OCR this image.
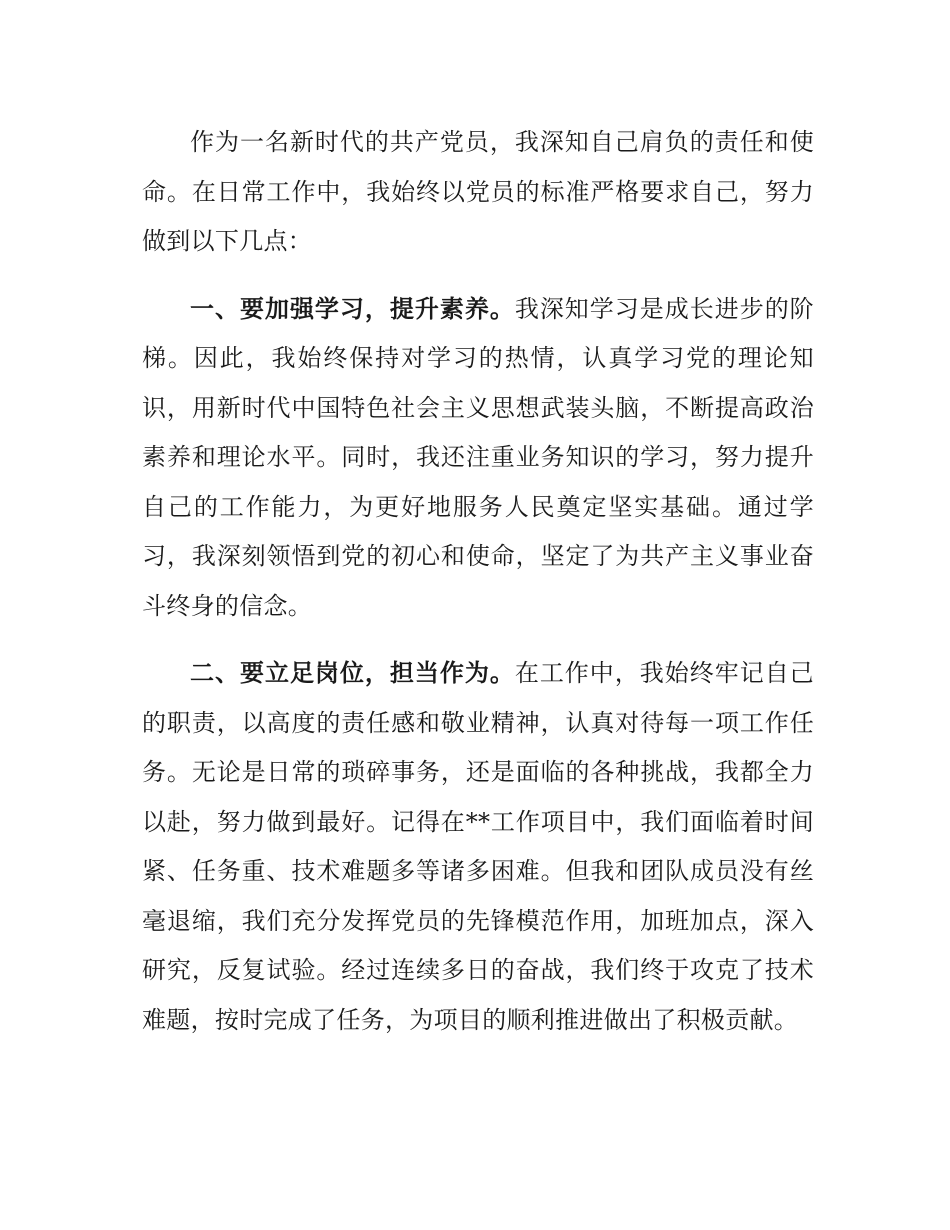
作为一名新时代的共产党员，我深知自己肩负的责任和使命。在日常工作中，我始终以党员的标准严格要求自己，努力做到以下几点：

一、要加强学习，提升素养。我深知学习是成长进步的阶梯。因此，我始终保持对学习的热情，认真学习党的理论知识，用新时代中国特色社会主义思想武装头脑，不断提高政治素养和理论水平。同时，我还注重业务知识的学习，努力提升自己的工作能力，为更好地服务人民奠定坚实基础。通过学习，我深刻领悟到党的初心和使命，坚定了为共产主义事业奋斗终身的信念。

二、要立足岗位，担当作为。在工作中，我始终牢记自己的职责，以高度的责任感和敬业精神，认真对待每一项工作任务。无论是日常的琐碎事务，还是面临的各种挑战，我都全力以赴，努力做到最好。记得在**工作项目中，我们面临着时间紧、任务重、技术难题多等诸多困难。但我和团队成员没有丝毫退缩，我们充分发挥党员的先锋模范作用，加班加点，深入研究，反复试验。经过连续多日的奋战，我们终于攻克了技术难题，按时完成了任务，为项目的顺利推进做出了积极贡献。
